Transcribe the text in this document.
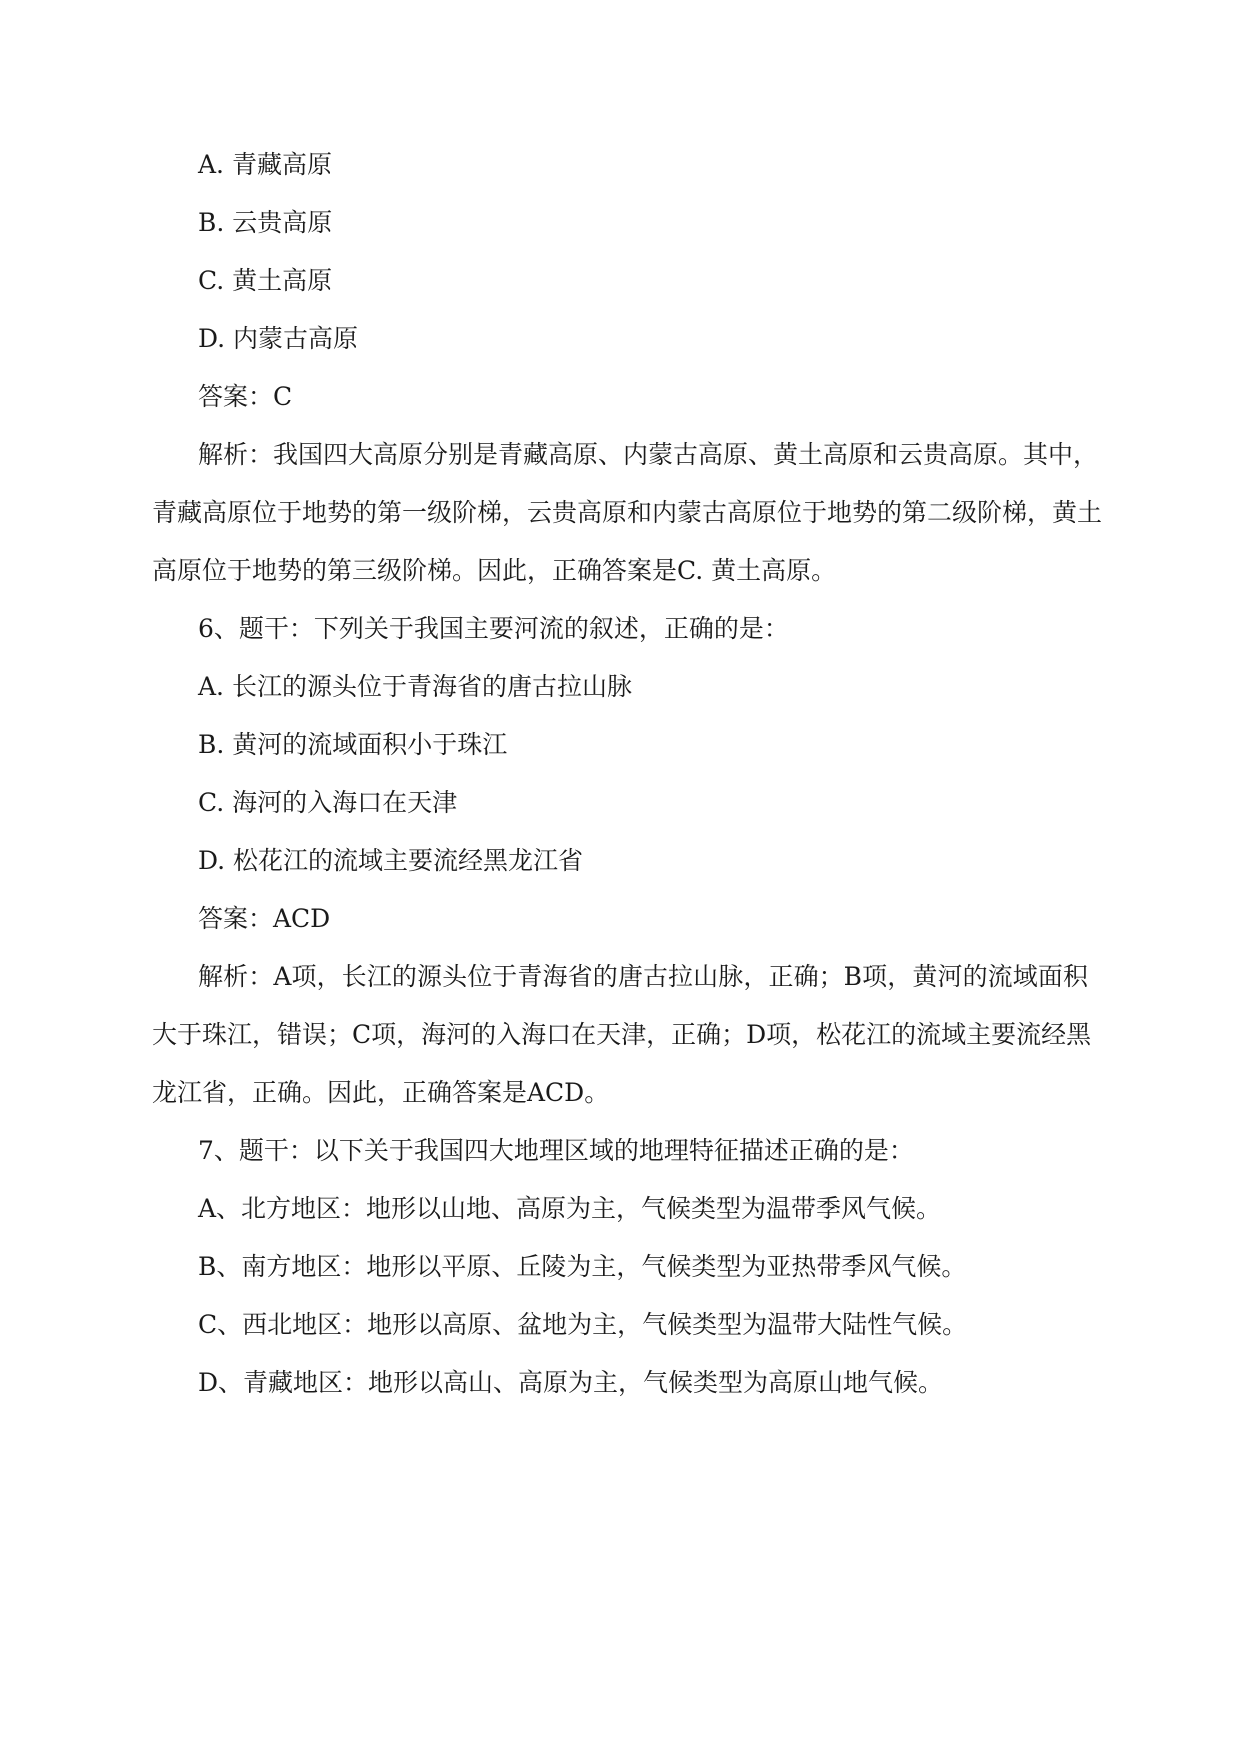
A. 青藏高原
B. 云贵高原
C. 黄土高原
D. 内蒙古高原
答案：C
解析：我国四大高原分别是青藏高原、内蒙古高原、黄土高原和云贵高原。其中，
青藏高原位于地势的第一级阶梯，云贵高原和内蒙古高原位于地势的第二级阶梯，黄土
高原位于地势的第三级阶梯。因此，正确答案是C. 黄土高原。
6、题干：下列关于我国主要河流的叙述，正确的是：
A. 长江的源头位于青海省的唐古拉山脉
B. 黄河的流域面积小于珠江
C. 海河的入海口在天津
D. 松花江的流域主要流经黑龙江省
答案：ACD
解析：A项，长江的源头位于青海省的唐古拉山脉，正确；B项，黄河的流域面积
大于珠江，错误；C项，海河的入海口在天津，正确；D项，松花江的流域主要流经黑
龙江省，正确。因此，正确答案是ACD。
7、题干：以下关于我国四大地理区域的地理特征描述正确的是：
A、北方地区：地形以山地、高原为主，气候类型为温带季风气候。
B、南方地区：地形以平原、丘陵为主，气候类型为亚热带季风气候。
C、西北地区：地形以高原、盆地为主，气候类型为温带大陆性气候。
D、青藏地区：地形以高山、高原为主，气候类型为高原山地气候。
